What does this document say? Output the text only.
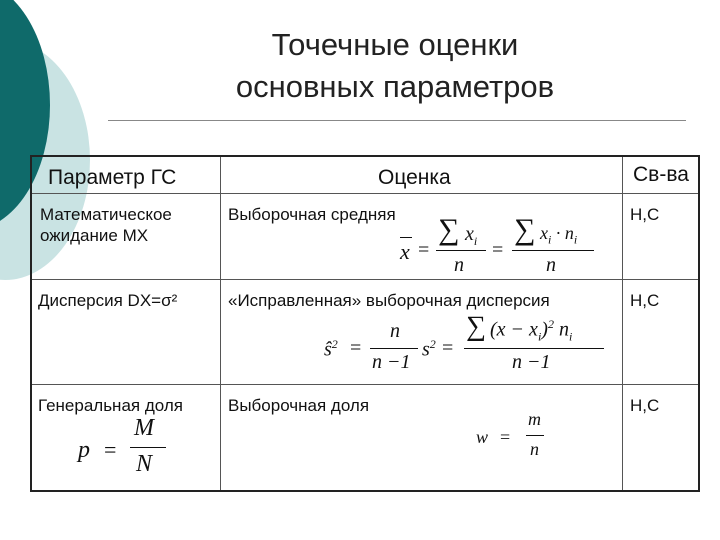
Точечные оценки
основных параметров
Параметр ГС	Оценка	Св-ва
Математическое
ожидание MX
Выборочная средняя	Н,С
x =
∑ $x_i$
n
=
∑ $x_i \cdot n_i$
n
Дисперсия DX=σ²	«Исправленная» выборочная дисперсия	Н,С
$ŝ^2$ =
n
n −1
$s^2$ =
∑ $(x - x_i)^2$ $n_i$
n −1
Генеральная доля	Выборочная доля	Н,С
p =
M
N
w =
m
n
